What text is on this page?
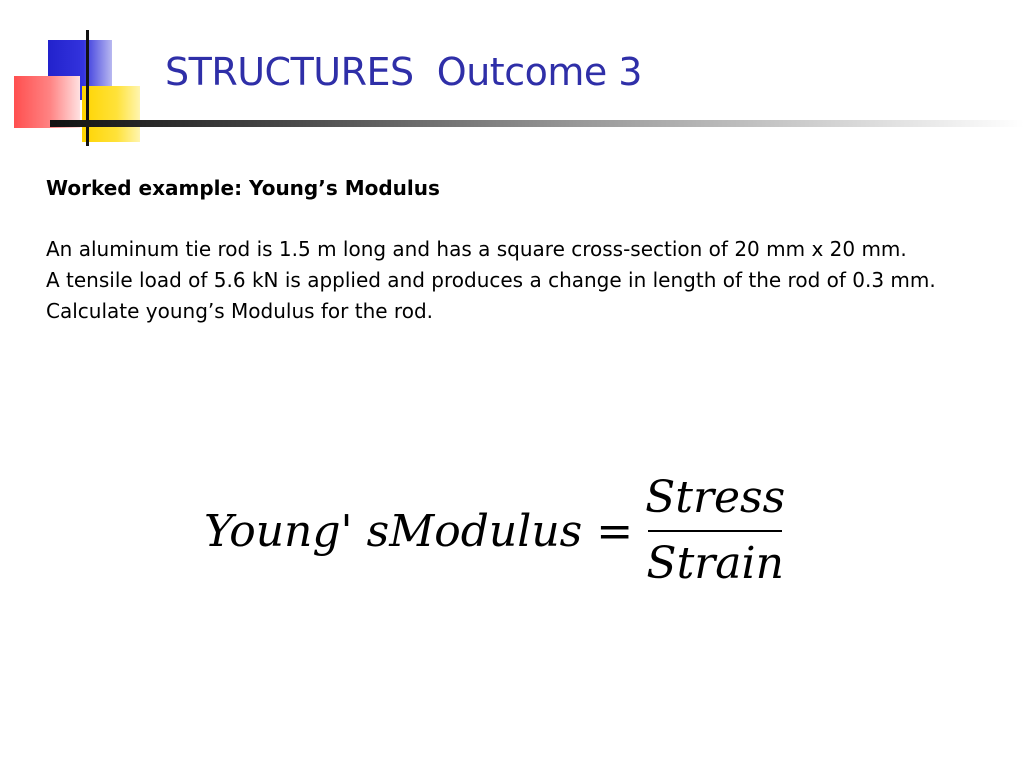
STRUCTURES  Outcome 3

Worked example: Young’s Modulus

An aluminum tie rod is 1.5 m long and has a square cross-section of 20 mm x 20 mm.

A tensile load of 5.6 kN is applied and produces a change in length of the rod of 0.3 mm.

Calculate young’s Modulus for the rod.

Young' sModulus = $\frac{\text{Stress}}{\text{Strain}}$
